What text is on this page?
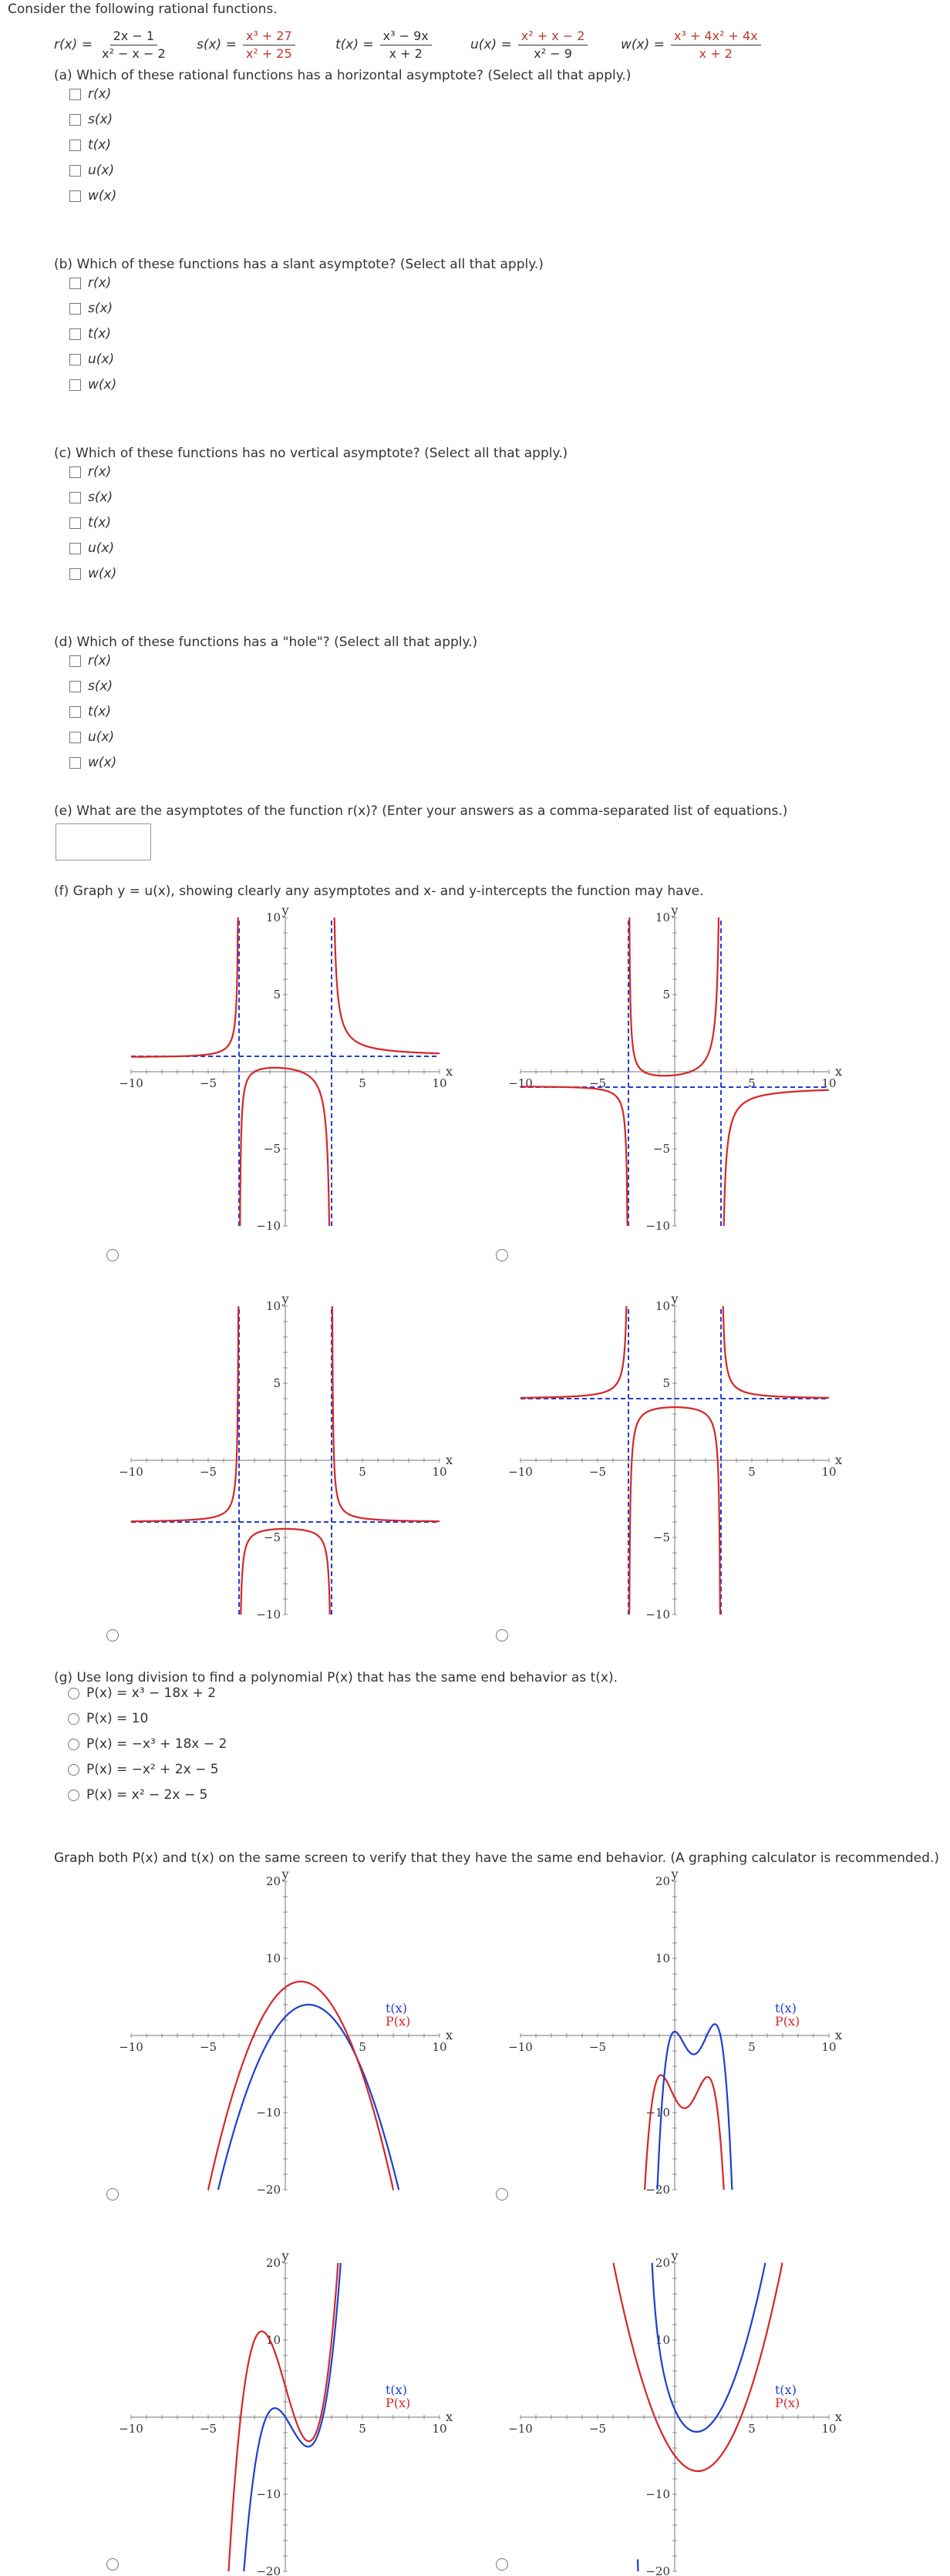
Consider the following rational functions.
$r(x) = \frac{2x - 1}{\text{x² − x − 2}} s(x) = \frac{\text{x³ + 27}}{\text{x² + 25}}$	$t(x) = \frac{\text{x³ − 9x}}{x + 2}$	$u(x) = \frac{\text{x² + x − 2}}{\text{x² − 9}}$	$w(x) = \frac{\text{x³ + 4x² + 4x}}{x + 2}$
(a) Which of these rational functions has a horizontal asymptote? (Select all that apply.)
r(x)
s(x)
t(x)
u(x)
w(x)
(b) Which of these functions has a slant asymptote? (Select all that apply.)
r(x)
s(x)
t(x)
u(x)
w(x)
(c) Which of these functions has no vertical asymptote? (Select all that apply.)
r(x)
s(x)
t(x)
u(x)
w(x)
(d) Which of these functions has a "hole"? (Select all that apply.)
r(x)
s(x)
t(x)
u(x)
w(x)
(e) What are the asymptotes of the function r(x)? (Enter your answers as a comma-separated list of equations.)
(f) Graph y = u(x), showing clearly any asymptotes and x- and y-intercepts the function may have.
(g) Use long division to find a polynomial P(x) that has the same end behavior as t(x).
P(x) = x³ − 18x + 2
P(x) = 10
P(x) = −x³ + 18x − 2
P(x) = −x² + 2x − 5
P(x) = x² − 2x − 5
Graph both P(x) and t(x) on the same screen to verify that they have the same end behavior. (A graphing calculator is recommended.)
−10	−5	5	10
10
5
−5
−10
x
y
−10	−5	5	10
10
5
−5
−10
x
y
−10	−5	5	10
10
5
−5
−10
x
y
−10	−5	5	10
10
5
−5
−10
x
y
−10	−5	5	10
20
10
−10
−20
x
y
t(x)
P(x)
−10	−5	5	10
20
10
−10
−20
x
y
t(x)
P(x)
−10	−5	5	10
20
10
−10
−20
x
y
t(x)
P(x)
−10	−5	5	10
20
10
−10
−20
x
y
t(x)
P(x)
